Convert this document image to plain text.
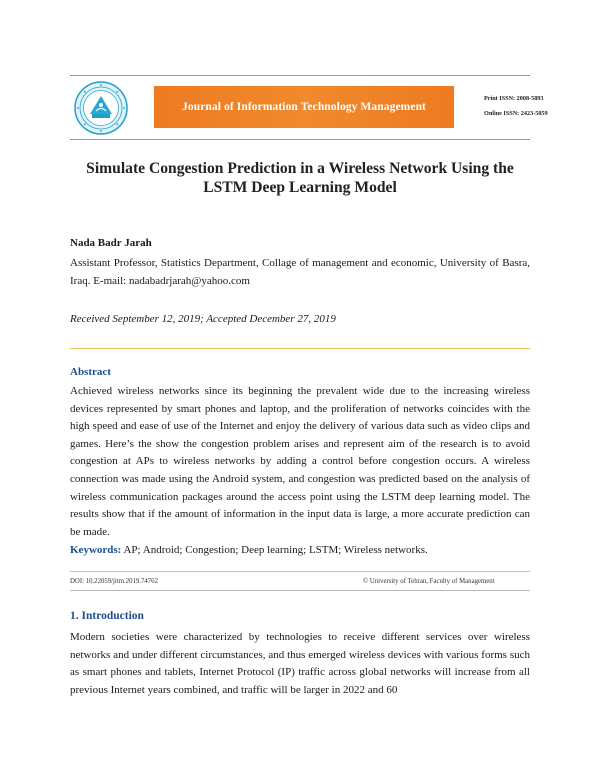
Journal of Information Technology Management
Print ISSN: 2008-5893
Online ISSN: 2423-5059
Simulate Congestion Prediction in a Wireless Network Using the LSTM Deep Learning Model
Nada Badr Jarah
Assistant Professor, Statistics Department, Collage of management and economic, University of Basra, Iraq. E-mail: nadabadrjarah@yahoo.com
Received September 12, 2019; Accepted December 27, 2019
Abstract
Achieved wireless networks since its beginning the prevalent wide due to the increasing wireless devices represented by smart phones and laptop, and the proliferation of networks coincides with the high speed and ease of use of the Internet and enjoy the delivery of various data such as video clips and games. Here’s the show the congestion problem arises and represent aim of the research is to avoid congestion at APs to wireless networks by adding a control before congestion occurs. A wireless connection was made using the Android system, and congestion was predicted based on the analysis of wireless communication packages around the access point using the LSTM deep learning model. The results show that if the amount of information in the input data is large, a more accurate prediction can be made.
Keywords: AP; Android; Congestion; Deep learning; LSTM; Wireless networks.
DOI: 10.22059/jitm.2019.74762	© University of Tehran, Faculty of Management
1. Introduction
Modern societies were characterized by technologies to receive different services over wireless networks and under different circumstances, and thus emerged wireless devices with various forms such as smart phones and tablets, Internet Protocol (IP) traffic across global networks will increase from all previous Internet years combined, and traffic will be larger in 2022 and 60
